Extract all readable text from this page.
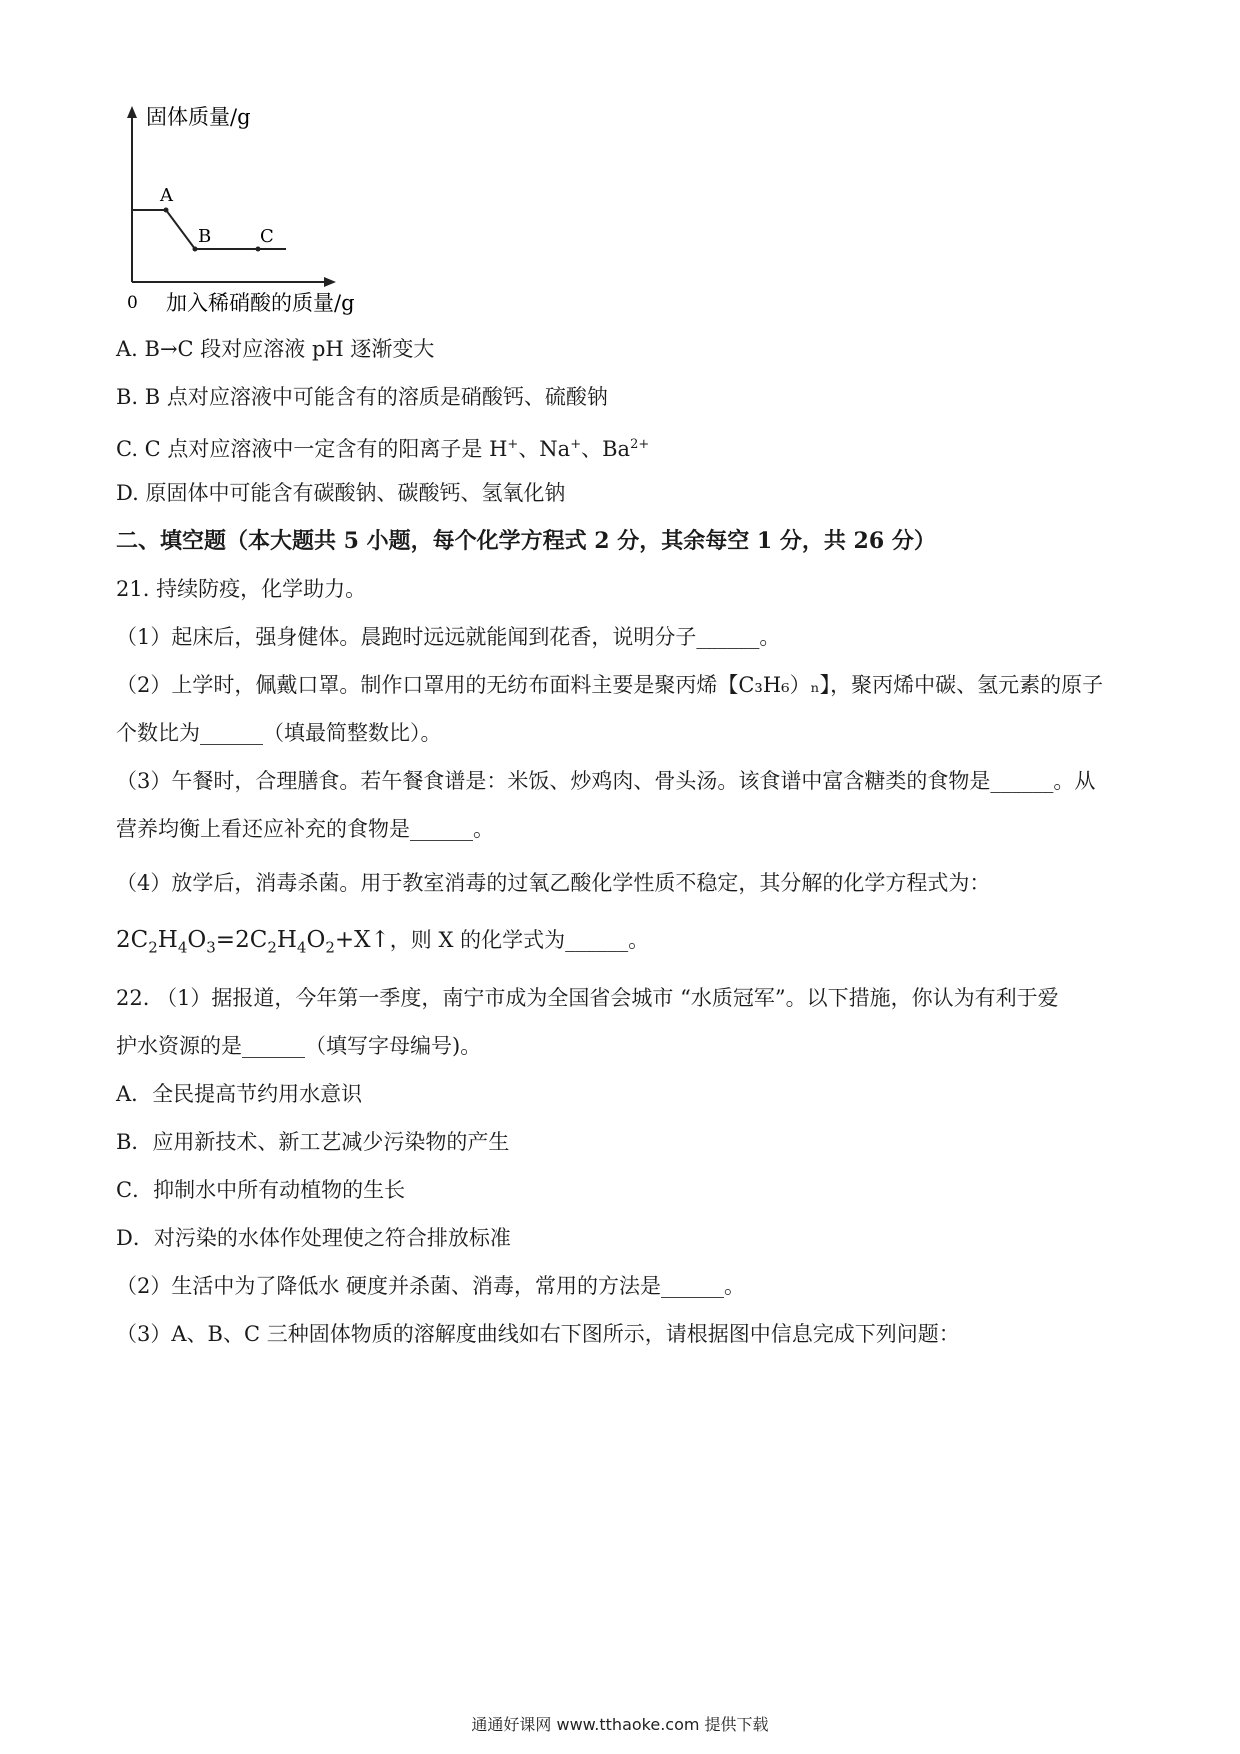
固体质量/g
加入稀硝酸的质量/g
0
A
B	C
A. B→C 段对应溶液 pH 逐渐变大
B. B 点对应溶液中可能含有的溶质是硝酸钙、硫酸钠
C. C 点对应溶液中一定含有的阳离子是 H+、Na+、$Ba^{2+}$
D. 原固体中可能含有碳酸钠、碳酸钙、氢氧化钠
二、填空题（本大题共 5 小题，每个化学方程式 2 分，其余每空 1 分，共 26 分）
21. 持续防疫，化学助力。
（1）起床后，强身健体。晨跑时远远就能闻到花香，说明分子______。
（2）上学时，佩戴口罩。制作口罩用的无纺布面料主要是聚丙烯【C₃H₆）ₙ】，聚丙烯中碳、氢元素的原子
个数比为______（填最简整数比）。
（3）午餐时，合理膳食。若午餐食谱是：米饭、炒鸡肉、骨头汤。该食谱中富含糖类的食物是______。从
营养均衡上看还应补充的食物是______。
（4）放学后，消毒杀菌。用于教室消毒的过氧乙酸化学性质不稳定，其分解的化学方程式为：
$2C_2H_4O_3=2C_2H_4O_2+X↑$，则 X 的化学式为______。
22. （1）据报道，今年第一季度，南宁市成为全国省会城市 “水质冠军”。以下措施，你认为有利于爱
护水资源的是______（填写字母编号)。
A．全民提高节约用水意识
B．应用新技术、新工艺减少污染物的产生
C．抑制水中所有动植物的生长
D．对污染的水体作处理使之符合排放标准
（2）生活中为了降低水 硬度并杀菌、消毒，常用的方法是______。
（3）A、B、C 三种固体物质的溶解度曲线如右下图所示，请根据图中信息完成下列问题：
通通好课网 www.tthaoke.com 提供下载
